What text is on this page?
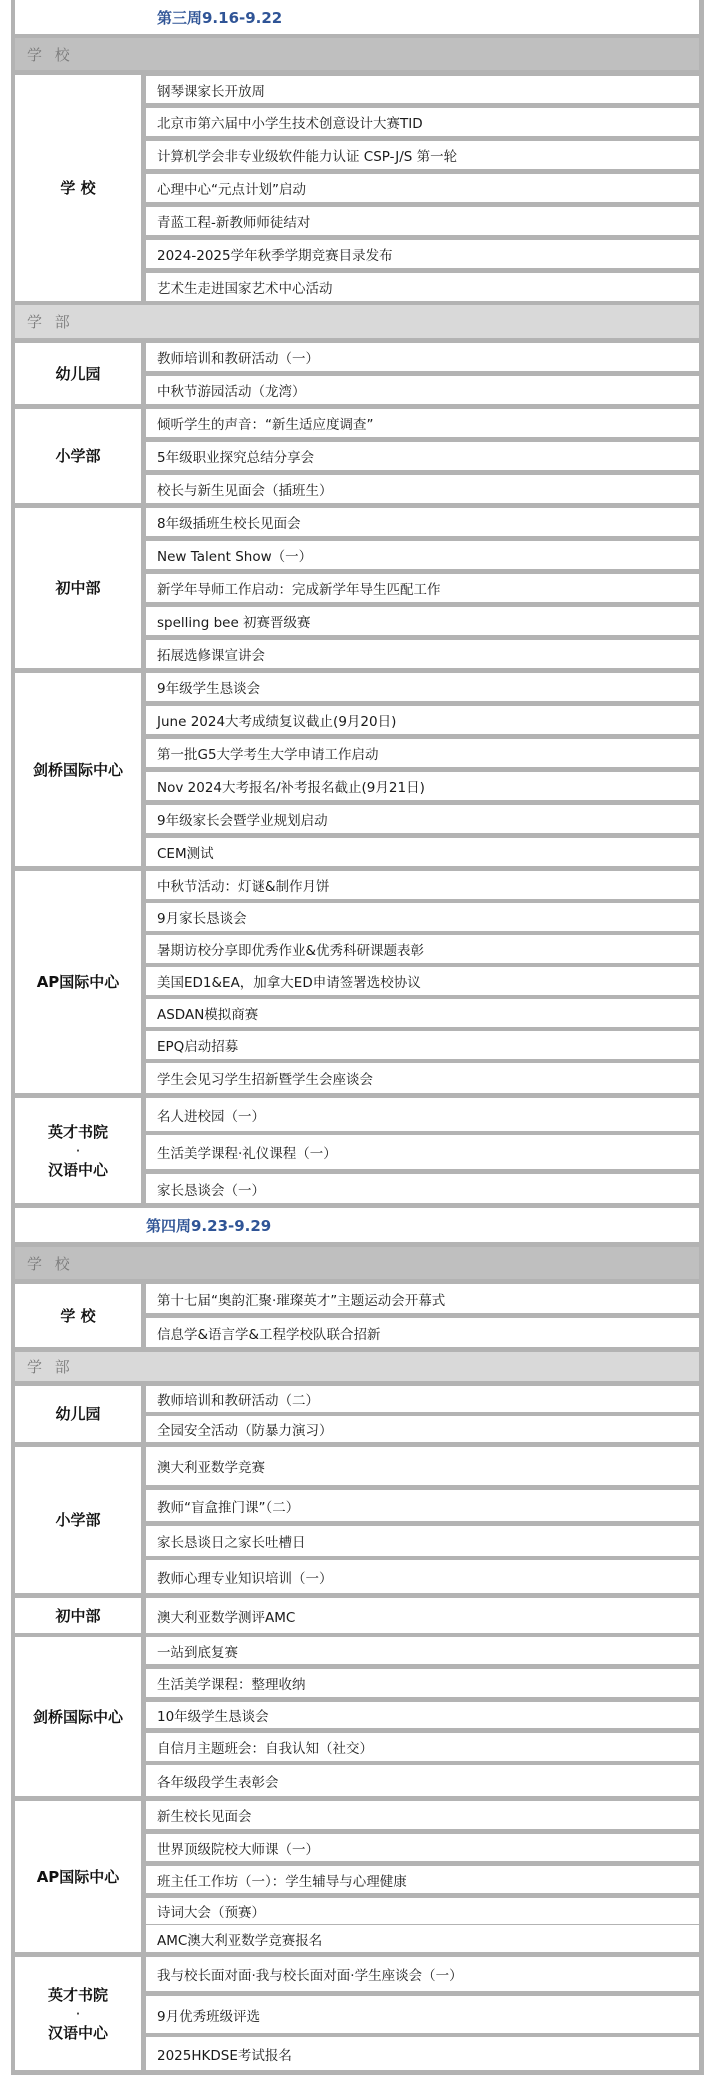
第三周9.16-9.22
学 校
学 校
钢琴课家长开放周
北京市第六届中小学生技术创意设计大赛TID
计算机学会非专业级软件能力认证 CSP-J/S 第一轮
心理中心“元点计划”启动
青蓝工程-新教师师徒结对
2024-2025学年秋季学期竞赛目录发布
艺术生走进国家艺术中心活动
学 部
幼儿园
教师培训和教研活动（一）
中秋节游园活动（龙湾）
小学部
倾听学生的声音：“新生适应度调查”
5年级职业探究总结分享会
校长与新生见面会（插班生）
初中部
8年级插班生校长见面会
New Talent Show（一）
新学年导师工作启动：完成新学年导生匹配工作
spelling bee 初赛晋级赛
拓展选修课宣讲会
剑桥国际中心
9年级学生恳谈会
June 2024大考成绩复议截止(9月20日)
第一批G5大学考生大学申请工作启动
Nov 2024大考报名/补考报名截止(9月21日)
9年级家长会暨学业规划启动
CEM测试
AP国际中心
中秋节活动：灯谜&制作月饼
9月家长恳谈会
暑期访校分享即优秀作业&优秀科研课题表彰
美国ED1&EA，加拿大ED申请签署选校协议
ASDAN模拟商赛
EPQ启动招募
学生会见习学生招新暨学生会座谈会
英才书院
·
汉语中心
名人进校园（一）
生活美学课程·礼仪课程（一）
家长恳谈会（一）
第四周9.23-9.29
学 校
学 校
第十七届“奥韵汇聚·璀璨英才”主题运动会开幕式
信息学&语言学&工程学校队联合招新
学 部
幼儿园
教师培训和教研活动（二）
全园安全活动（防暴力演习）
小学部
澳大利亚数学竞赛
教师“盲盒推门课”（二）
家长恳谈日之家长吐槽日
教师心理专业知识培训（一）
初中部	澳大利亚数学测评AMC
剑桥国际中心
一站到底复赛
生活美学课程：整理收纳
10年级学生恳谈会
自信月主题班会：自我认知（社交）
各年级段学生表彰会
AP国际中心
新生校长见面会
世界顶级院校大师课（一）
班主任工作坊（一）：学生辅导与心理健康
诗词大会（预赛）
AMC澳大利亚数学竞赛报名
英才书院
·
汉语中心
我与校长面对面·我与校长面对面·学生座谈会（一）
9月优秀班级评选
2025HKDSE考试报名
